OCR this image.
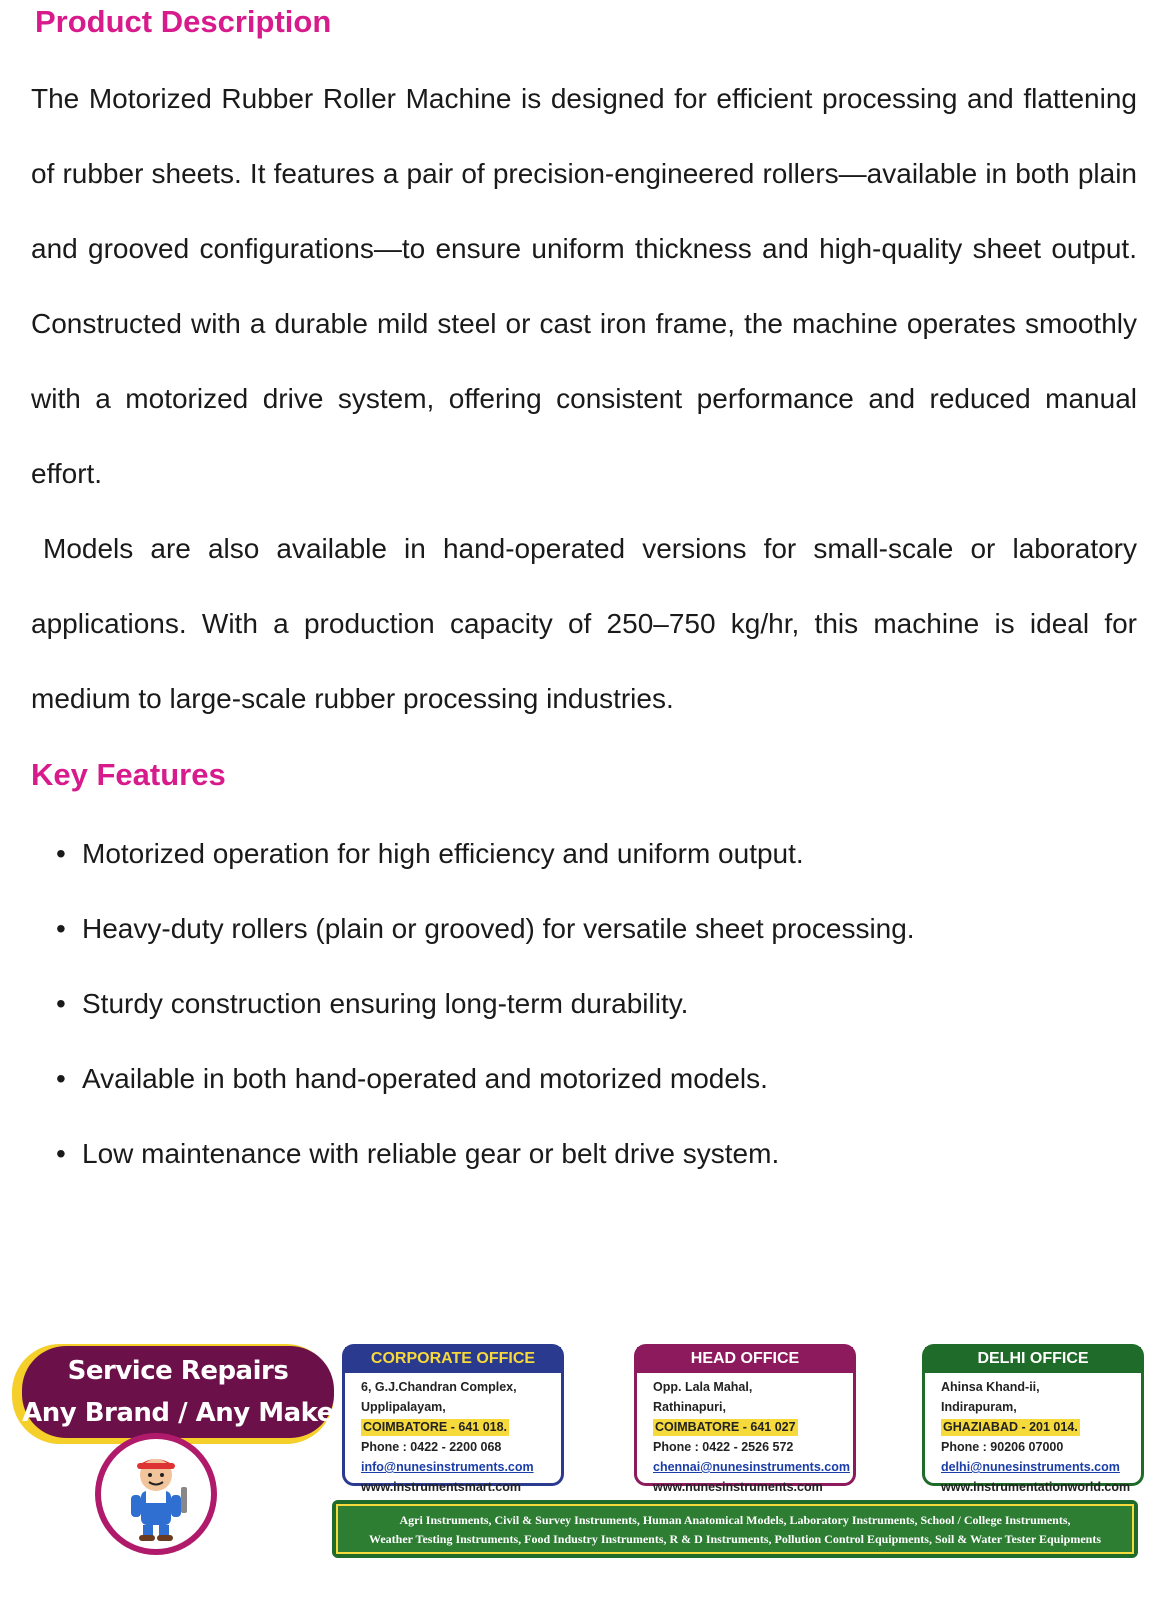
Product Description

The Motorized Rubber Roller Machine is designed for efficient processing and flattening of rubber sheets. It features a pair of precision-engineered rollers—available in both plain and grooved configurations—to ensure uniform thickness and high-quality sheet output. Constructed with a durable mild steel or cast iron frame, the machine operates smoothly with a motorized drive system, offering consistent performance and reduced manual effort.

Models are also available in hand-operated versions for small-scale or laboratory applications. With a production capacity of 250–750 kg/hr, this machine is ideal for medium to large-scale rubber processing industries.

Key Features
• Motorized operation for high efficiency and uniform output.
• Heavy-duty rollers (plain or grooved) for versatile sheet processing.
• Sturdy construction ensuring long-term durability.
• Available in both hand-operated and motorized models.
• Low maintenance with reliable gear or belt drive system.
Service Repairs
Any Brand / Any Make
CORPORATE OFFICE
6, G.J.Chandran Complex,
Upplipalayam,
COIMBATORE - 641 018.
Phone : 0422 - 2200 068
info@nunesinstruments.com
www.instrumentsmart.com
HEAD OFFICE
Opp. Lala Mahal,
Rathinapuri,
COIMBATORE - 641 027
Phone : 0422 - 2526 572
chennai@nunesinstruments.com
www.nunesinstruments.com
DELHI OFFICE
Ahinsa Khand-ii,
Indirapuram,
GHAZIABAD - 201 014.
Phone : 90206 07000
delhi@nunesinstruments.com
www.instrumentationworld.com
Agri Instruments, Civil & Survey Instruments, Human Anatomical Models, Laboratory Instruments, School / College Instruments,
Weather Testing Instruments, Food Industry Instruments, R & D Instruments, Pollution Control Equipments, Soil & Water Tester Equipments
